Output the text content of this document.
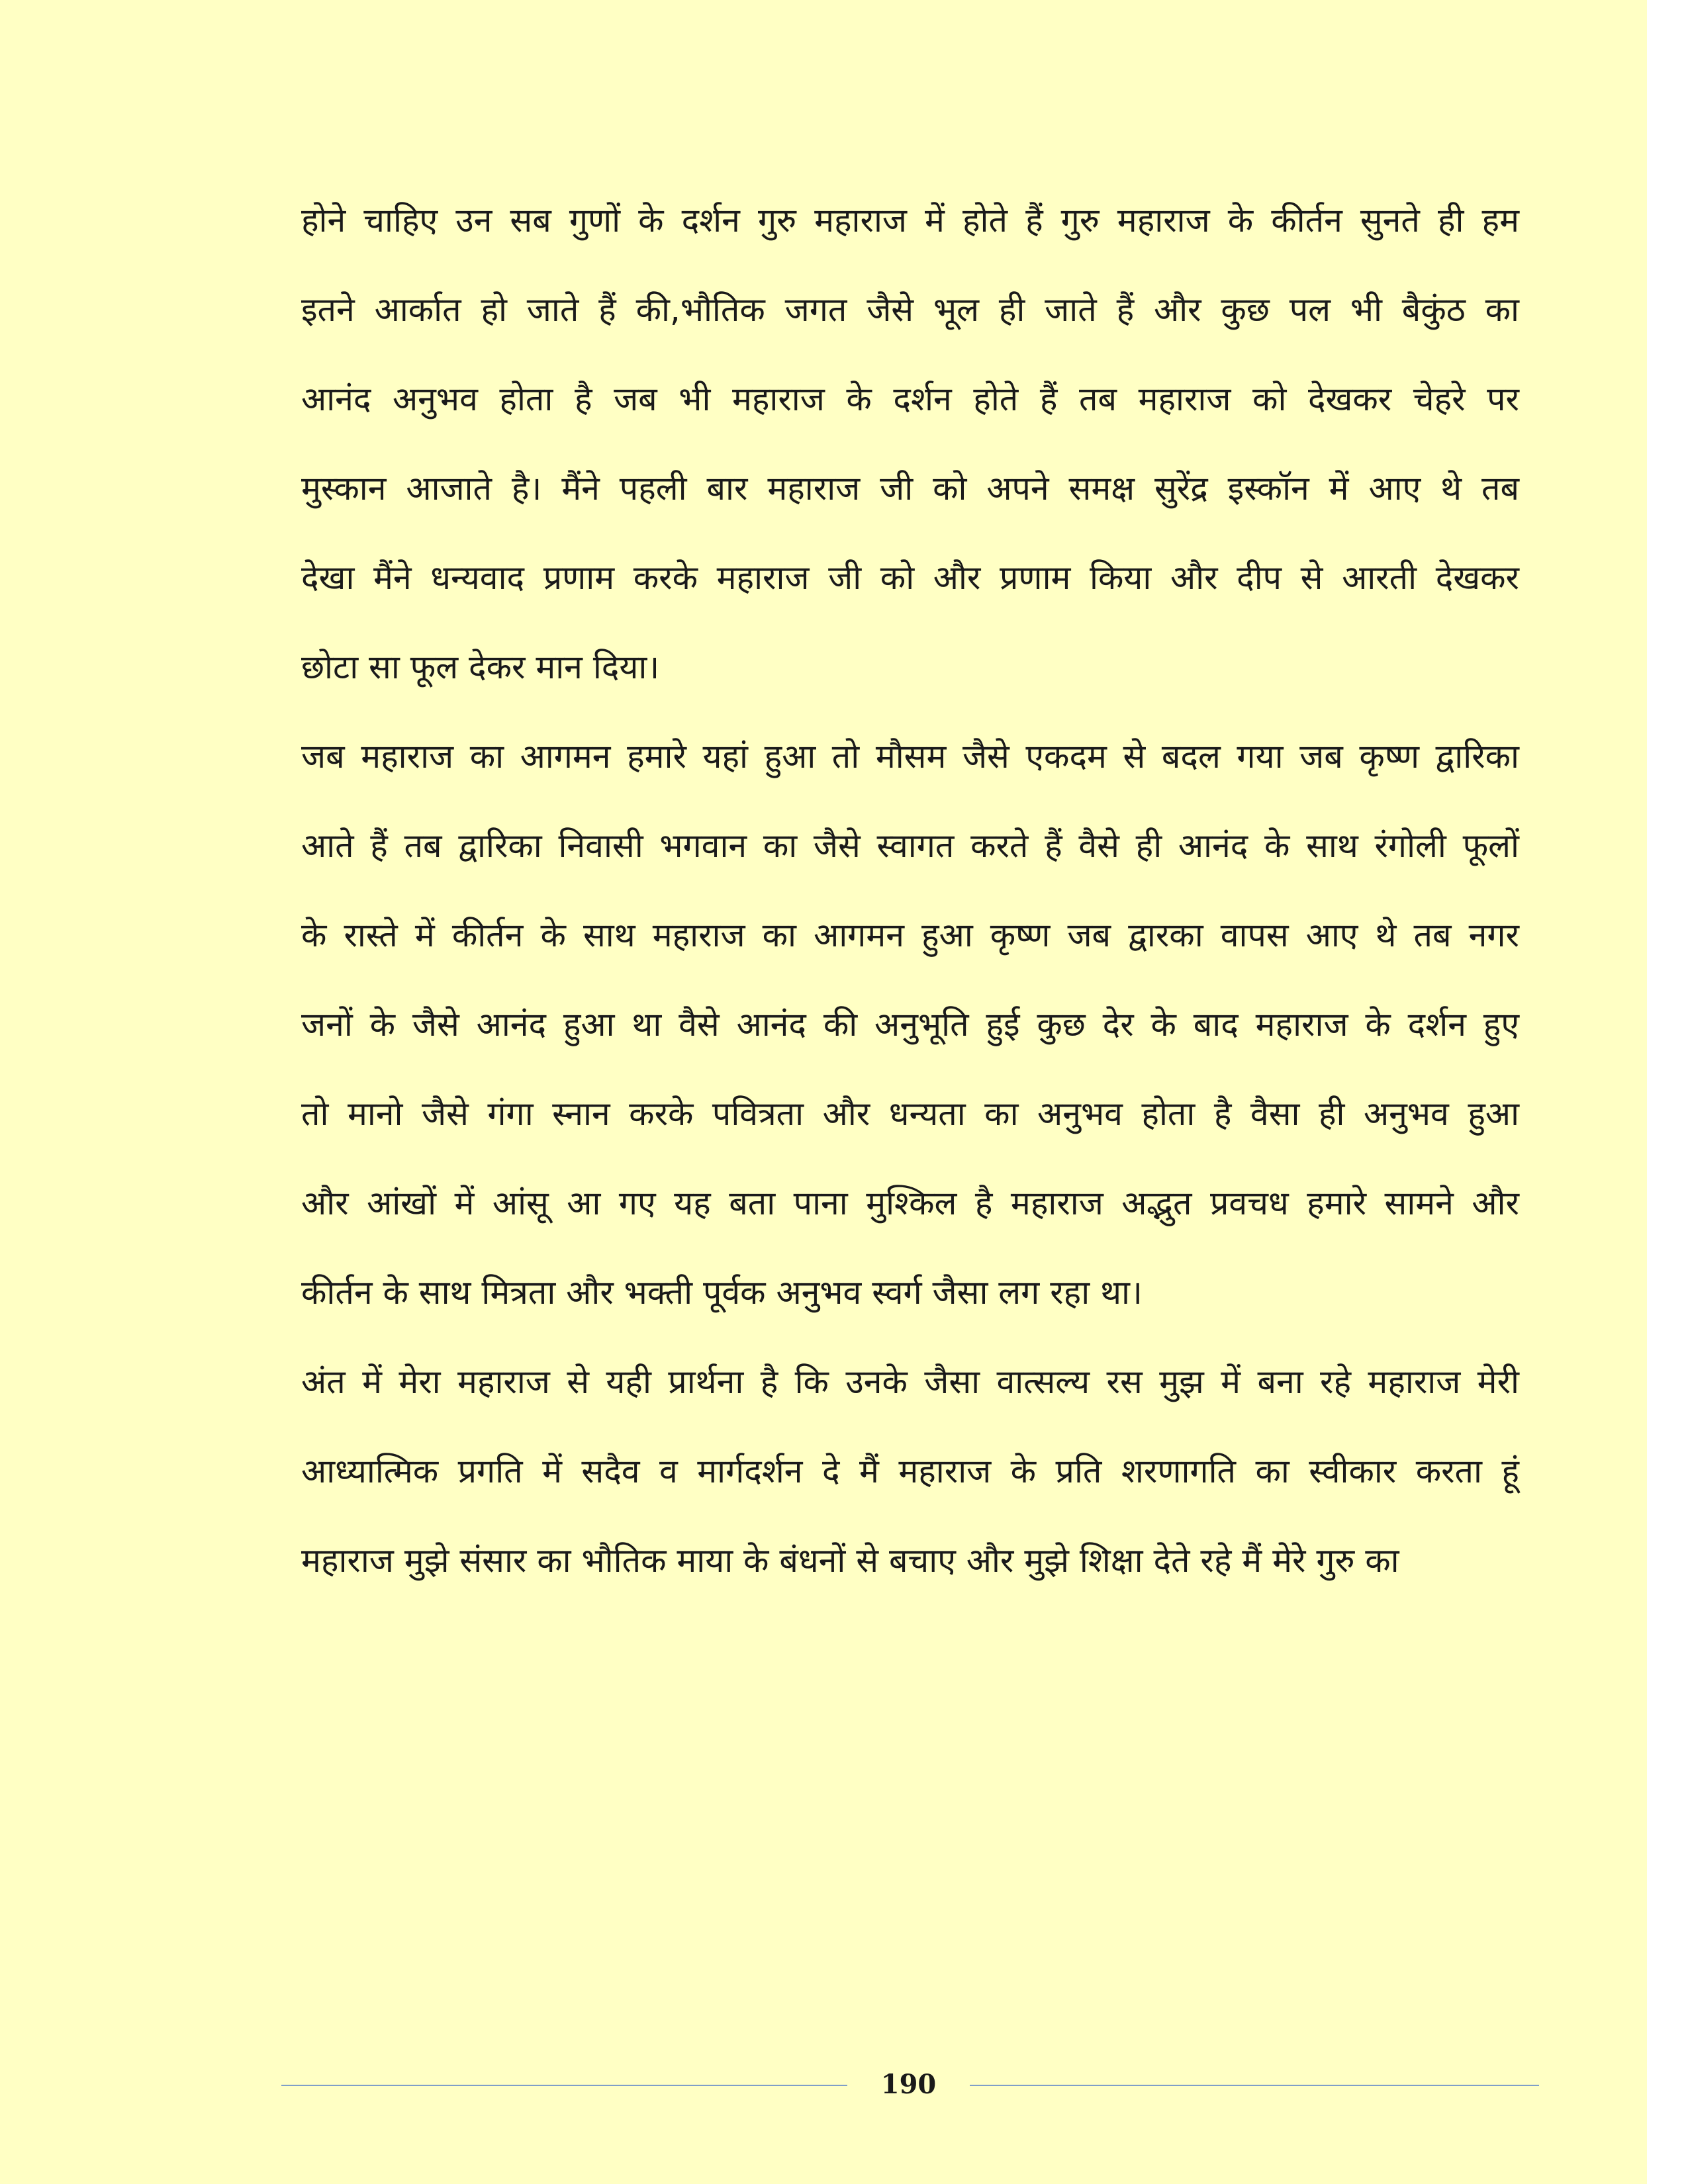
होने चाहिए उन सब गुणों के दर्शन गुरु महाराज में होते हैं गुरु महाराज के कीर्तन सुनते ही हम
इतने आर्कात हो जाते हैं की,भौतिक जगत जैसे भूल ही जाते हैं और कुछ पल भी बैकुंठ का
आनंद अनुभव होता है जब भी महाराज के दर्शन होते हैं तब महाराज को देखकर चेहरे पर
मुस्कान आजाते है। मैंने पहली बार महाराज जी को अपने समक्ष सुरेंद्र इस्कॉन में आए थे तब
देखा मैंने धन्यवाद प्रणाम करके महाराज जी को और प्रणाम किया और दीप से आरती देखकर
छोटा सा फूल देकर मान दिया।
जब महाराज का आगमन हमारे यहां हुआ तो मौसम जैसे एकदम से बदल गया जब कृष्ण द्वारिका
आते हैं तब द्वारिका निवासी भगवान का जैसे स्वागत करते हैं वैसे ही आनंद के साथ रंगोली फूलों
के रास्ते में कीर्तन के साथ महाराज का आगमन हुआ कृष्ण जब द्वारका वापस आए थे तब नगर
जनों के जैसे आनंद हुआ था वैसे आनंद की अनुभूति हुई कुछ देर के बाद महाराज के दर्शन हुए
तो मानो जैसे गंगा स्नान करके पवित्रता और धन्यता का अनुभव होता है वैसा ही अनुभव हुआ
और आंखों में आंसू आ गए यह बता पाना मुश्किल है महाराज अद्भुत प्रवचध हमारे सामने और
कीर्तन के साथ मित्रता और भक्ती पूर्वक अनुभव स्वर्ग जैसा लग रहा था।
अंत में मेरा महाराज से यही प्रार्थना है कि उनके जैसा वात्सल्य रस मुझ में बना रहे महाराज मेरी
आध्यात्मिक प्रगति में सदैव व मार्गदर्शन दे मैं महाराज के प्रति शरणागति का स्वीकार करता हूं
महाराज मुझे संसार का भौतिक माया के बंधनों से बचाए और मुझे शिक्षा देते रहे मैं मेरे गुरु का
190
